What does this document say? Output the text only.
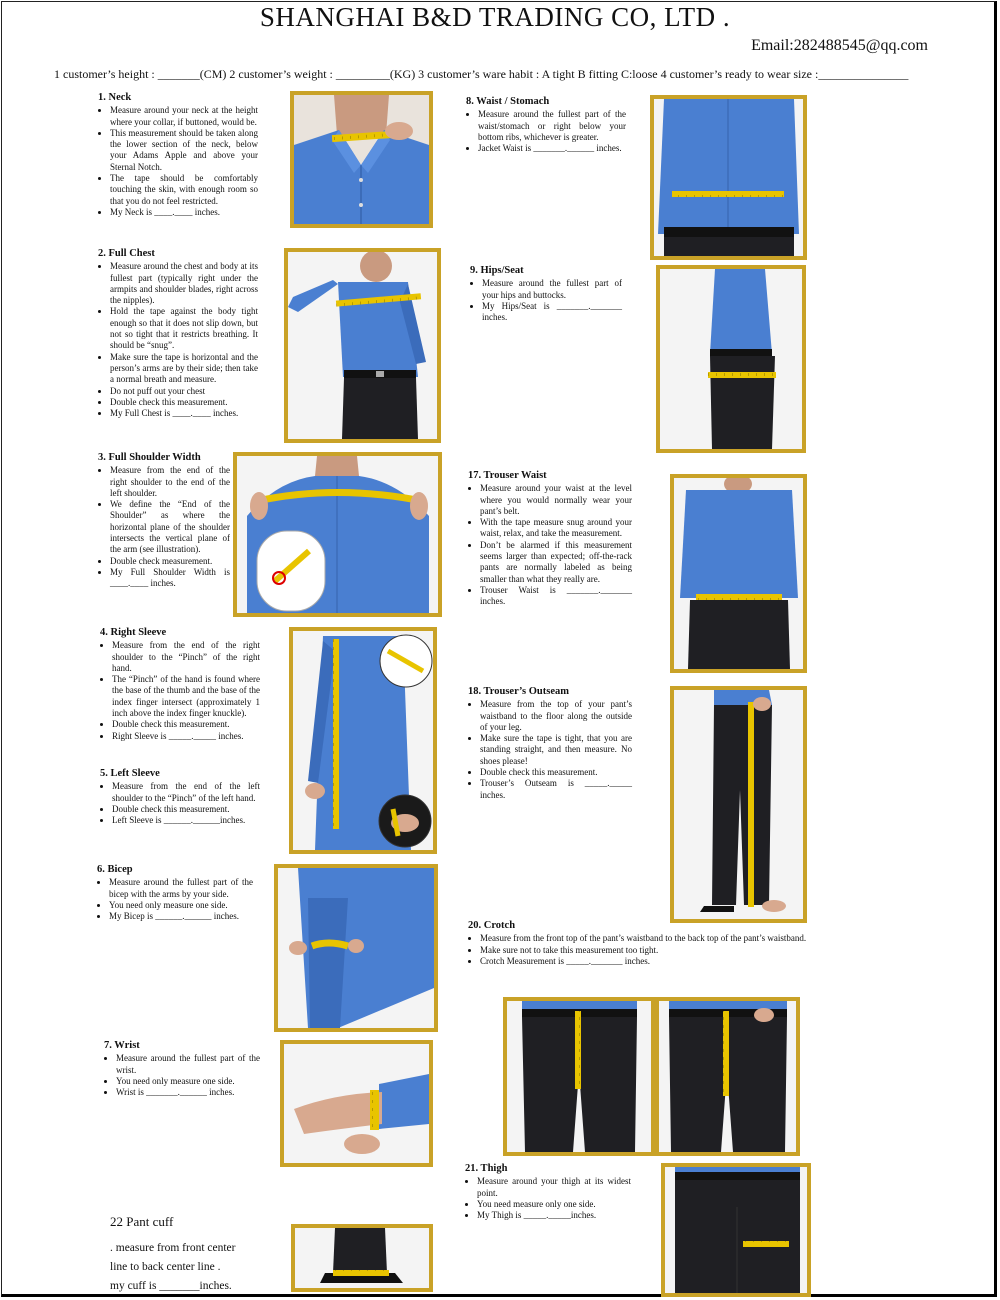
SHANGHAI B&D TRADING CO, LTD .
Email:282488545@qq.com
1 customer’s height : _______(CM) 2 customer’s weight : _________(KG) 3 customer’s ware habit : A tight B fitting C:loose 4 customer’s ready to wear size :_______________
1. Neck
• Measure around your neck at the height where your collar, if buttoned, would be.
• This measurement should be taken along the lower section of the neck, below your Adams Apple and above your Sternal Notch.
• The tape should be comfortably touching the skin, with enough room so that you do not feel restricted.
• My Neck is ____.____ inches.
2. Full Chest
• Measure around the chest and body at its fullest part (typically right under the armpits and shoulder blades, right across the nipples).
• Hold the tape against the body tight enough so that it does not slip down, but not so tight that it restricts breathing. It should be “snug”.
• Make sure the tape is horizontal and the person’s arms are by their side; then take a normal breath and measure.
• Do not puff out your chest
• Double check this measurement.
• My Full Chest is ____.____ inches.
3. Full Shoulder Width
• Measure from the end of the right shoulder to the end of the left shoulder.
• We define the “End of the Shoulder” as where the horizontal plane of the shoulder intersects the vertical plane of the arm (see illustration).
• Double check measurement.
• My Full Shoulder Width is ____.____ inches.
4. Right Sleeve
• Measure from the end of the right shoulder to the “Pinch” of the right hand.
• The “Pinch” of the hand is found where the base of the thumb and the base of the index finger intersect (approximately 1 inch above the index finger knuckle).
• Double check this measurement.
• Right Sleeve is _____._____ inches.
5. Left Sleeve
• Measure from the end of the left shoulder to the “Pinch” of the left hand.
• Double check this measurement.
• Left Sleeve is ______.______inches.
6. Bicep
• Measure around the fullest part of the bicep with the arms by your side.
• You need only measure one side.
• My Bicep is ______.______ inches.
7. Wrist
• Measure around the fullest part of the wrist.
• You need only measure one side.
• Wrist is _______.______ inches.
22 Pant cuff

. measure from front center

line to back center line .

my cuff is _______inches.

8. Waist / Stomach
• Measure around the fullest part of the waist/stomach or right below your bottom ribs, whichever is greater.
• Jacket Waist is _______.______ inches.
9. Hips/Seat
• Measure around the fullest part of your hips and buttocks.
• My Hips/Seat is _______._______ inches.
17. Trouser Waist
• Measure around your waist at the level where you would normally wear your pant’s belt.
• With the tape measure snug around your waist, relax, and take the measurement.
• Don’t be alarmed if this measurement seems larger than expected; off-the-rack pants are normally labeled as being smaller than what they really are.
• Trouser Waist is _______._______ inches.
18. Trouser’s Outseam
• Measure from the top of your pant’s waistband to the floor along the outside of your leg.
• Make sure the tape is tight, that you are standing straight, and then measure. No shoes please!
• Double check this measurement.
• Trouser’s Outseam is _____._____ inches.
20. Crotch
• Measure from the front top of the pant’s waistband to the back top of the pant’s waistband.
• Make sure not to take this measurement too tight.
• Crotch Measurement is _____._______ inches.
21. Thigh
• Measure around your thigh at its widest point.
• You need measure only one side.
• My Thigh is _____._____inches.
